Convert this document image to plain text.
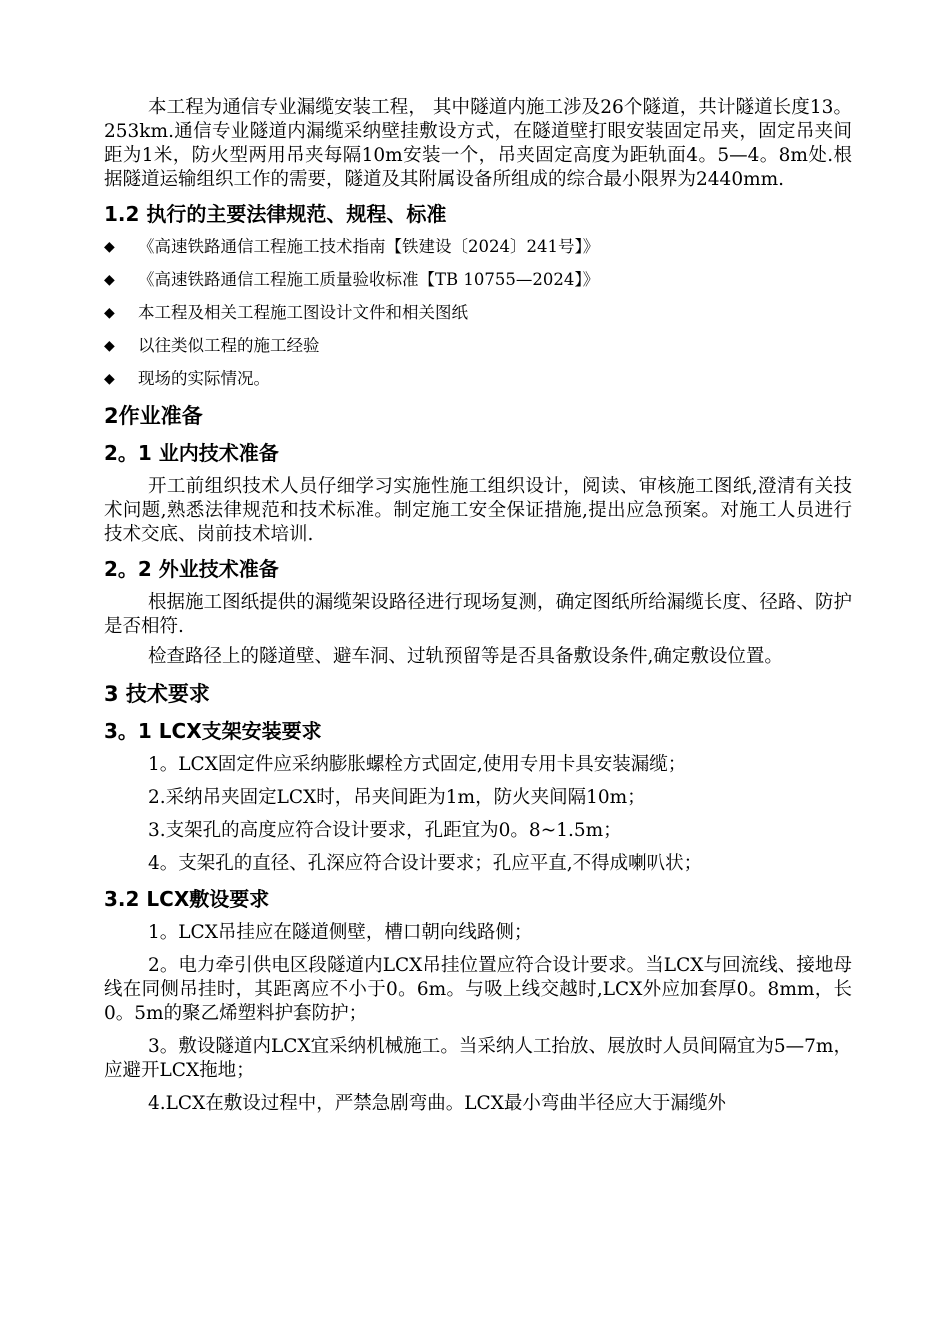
本工程为通信专业漏缆安装工程， 其中隧道内施工涉及26个隧道，共计隧道长度13。253km.通信专业隧道内漏缆采纳壁挂敷设方式，在隧道壁打眼安装固定吊夹，固定吊夹间距为1米，防火型两用吊夹每隔10m安装一个，吊夹固定高度为距轨面4。5—4。8m处.根据隧道运输组织工作的需要，隧道及其附属设备所组成的综合最小限界为2440mm.

1.2 执行的主要法律规范、规程、标准
◆	《高速铁路通信工程施工技术指南【铁建设〔2024〕241号】》
◆	《高速铁路通信工程施工质量验收标准【TB 10755—2024】》
◆	本工程及相关工程施工图设计文件和相关图纸
◆	以往类似工程的施工经验
◆	现场的实际情况。
2作业准备
2。1 业内技术准备

开工前组织技术人员仔细学习实施性施工组织设计，阅读、审核施工图纸,澄清有关技术问题,熟悉法律规范和技术标准。制定施工安全保证措施,提出应急预案。对施工人员进行技术交底、岗前技术培训.

2。2 外业技术准备

根据施工图纸提供的漏缆架设路径进行现场复测，确定图纸所给漏缆长度、径路、防护是否相符.

检查路径上的隧道壁、避车洞、过轨预留等是否具备敷设条件,确定敷设位置。

3 技术要求
3。1 LCX支架安装要求

1。LCX固定件应采纳膨胀螺栓方式固定,使用专用卡具安装漏缆；

2.采纳吊夹固定LCX时，吊夹间距为1m，防火夹间隔10m；

3.支架孔的高度应符合设计要求，孔距宜为0。8~1.5m；

4。支架孔的直径、孔深应符合设计要求；孔应平直,不得成喇叭状；

3.2 LCX敷设要求

1。LCX吊挂应在隧道侧壁，槽口朝向线路侧；

2。电力牵引供电区段隧道内LCX吊挂位置应符合设计要求。当LCX与回流线、接地母线在同侧吊挂时，其距离应不小于0。6m。与吸上线交越时,LCX外应加套厚0。8mm，长0。5m的聚乙烯塑料护套防护；

3。敷设隧道内LCX宜采纳机械施工。当采纳人工抬放、展放时人员间隔宜为5—7m，应避开LCX拖地；

4.LCX在敷设过程中，严禁急剧弯曲。LCX最小弯曲半径应大于漏缆外
